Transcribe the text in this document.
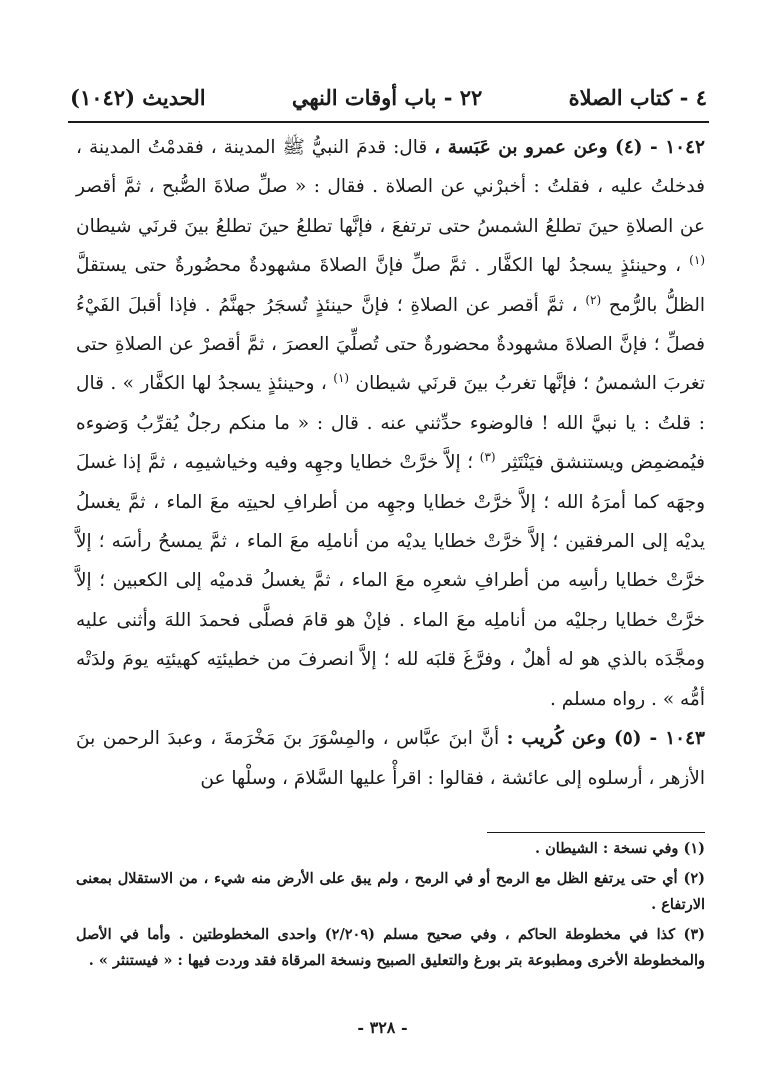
٤ - كتاب الصلاة
٢٢ - باب أوقات النهي
الحديث (١٠٤٢)

١٠٤٢ - (٤) وعن عمرو بن عَبَسة ، قال: قدمَ النبيُّ ﷺ المدينة ، فقدمْتُ المدينة ، فدخلتُ عليه ، فقلتُ : أخبرْني عن الصلاة . فقال : « صلِّ صلاةَ الصُّبح ، ثمَّ أقصر عن الصلاةِ حينَ تطلعُ الشمسُ حتى ترتفعَ ، فإنَّها تطلعُ حينَ تطلعُ بينَ قرنَي شيطان $^{(١)}$ ، وحينئذٍ يسجدُ لها الكفَّار . ثمَّ صلِّ فإنَّ الصلاةَ مشهودةٌ محضُورةٌ حتى يستقلَّ الظلُّ بالرُّمح $^{(٢)}$ ، ثمَّ أقصر عن الصلاةِ ؛ فإنَّ حينئذٍ تُسجَرُ جهنَّمُ . فإذا أقبلَ الفَيْءُ فصلِّ ؛ فإنَّ الصلاةَ مشهودةٌ محضورةٌ حتى تُصلِّيَ العصرَ ، ثمَّ أقصرْ عن الصلاةِ حتى تغربَ الشمسُ ؛ فإنَّها تغربُ بينَ قرنَي شيطان $^{(١)}$ ، وحينئذٍ يسجدُ لها الكفَّار » . قال : قلتُ : يا نبيَّ الله ! فالوضوء حدِّثني عنه . قال : « ما منكم رجلٌ يُقرِّبُ وَضوءه فيُمضمِض ويستنشق فيَنْتَثِر $^{(٣)}$ ؛ إلاَّ خرَّتْ خطايا وجهِه وفيه وخياشيمِه ، ثمَّ إذا غسلَ وجهَه كما أمرَهُ الله ؛ إلاَّ خرَّتْ خطايا وجهِه من أطرافِ لحيتِه معَ الماء ، ثمَّ يغسلُ يديْه إلى المرفقين ؛ إلاَّ خرَّتْ خطايا يديْه من أناملِه معَ الماء ، ثمَّ يمسحُ رأسَه ؛ إلاَّ خرَّتْ خطايا رأسِه من أطرافِ شعرِه معَ الماء ، ثمَّ يغسلُ قدميْه إلى الكعبين ؛ إلاَّ خرَّتْ خطايا رجليْه من أناملِه معَ الماء . فإنْ هو قامَ فصلَّى فحمدَ اللهَ وأثنى عليه ومجَّدَه بالذي هو له أهلٌ ، وفرَّغَ قلبَه لله ؛ إلاَّ انصرفَ من خطيئتِه كهيئتِه يومَ ولدَتْه أمُّه » . رواه مسلم .

١٠٤٣ - (٥) وعن كُريب : أنَّ ابنَ عبَّاس ، والمِسْوَرَ بنَ مَخْرَمةَ ، وعبدَ الرحمن بنَ الأزهر ، أرسلوه إلى عائشة ، فقالوا : اقرأْ عليها السَّلامَ ، وسلْها عن

(١) وفي نسخة : الشيطان .

(٢) أي حتى يرتفع الظل مع الرمح أو في الرمح ، ولم يبق على الأرض منه شيء ، من الاستقلال بمعنى الارتفاع .

(٣) كذا في مخطوطة الحاكم ، وفي صحيح مسلم (٢/٢٠٩) واحدى المخطوطتين . وأما في الأصل والمخطوطة الأخرى ومطبوعة بتر بورغ والتعليق الصبيح ونسخة المرقاة فقد وردت فيها : « فيستنثر » .

- ٣٢٨ -
